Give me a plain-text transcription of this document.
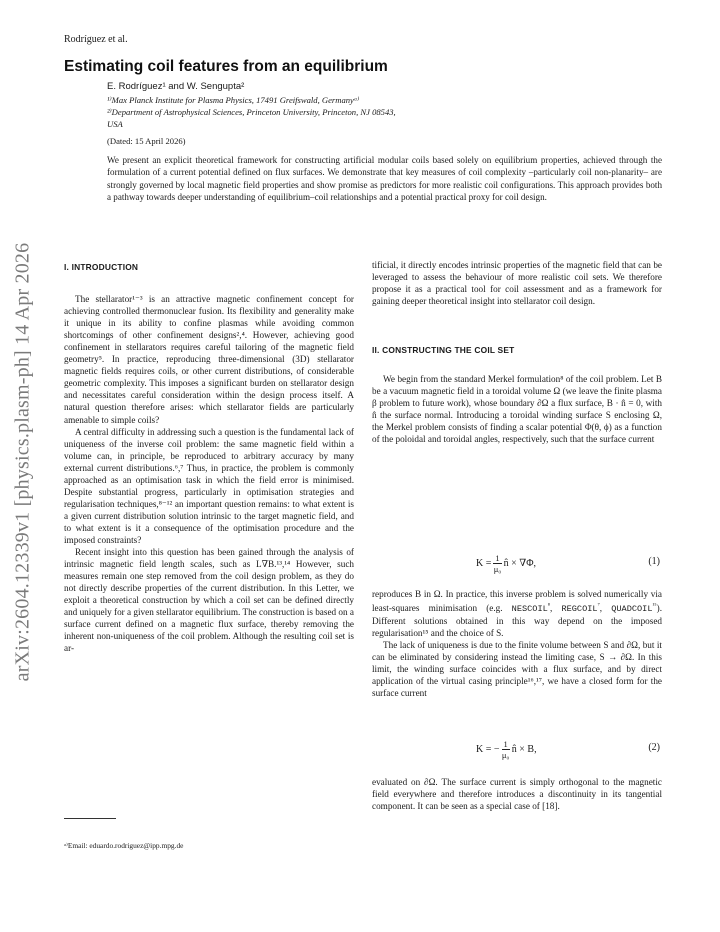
Rodríguez et al.
arXiv:2604.12339v1 [physics.plasm-ph] 14 Apr 2026
Estimating coil features from an equilibrium
E. Rodríguez¹ and W. Sengupta²
¹⁾Max Planck Institute for Plasma Physics, 17491 Greifswald, Germanyᵃ⁾
²⁾Department of Astrophysical Sciences, Princeton University, Princeton, NJ 08543,
USA
(Dated: 15 April 2026)
We present an explicit theoretical framework for constructing artificial modular coils based solely on equilibrium properties, achieved through the formulation of a current potential defined on flux surfaces. We demonstrate that key measures of coil complexity –particularly coil non-planarity– are strongly governed by local magnetic field properties and show promise as predictors for more realistic coil configurations. This approach provides both a pathway towards deeper understanding of equilibrium–coil relationships and a potential practical proxy for coil design.
I. INTRODUCTION

The stellarator¹⁻³ is an attractive magnetic confinement concept for achieving controlled thermonuclear fusion. Its flexibility and generality make it unique in its ability to confine plasmas while avoiding common shortcomings of other confinement designs²,⁴. However, achieving good confinement in stellarators requires careful tailoring of the magnetic field geometry⁵. In practice, reproducing three-dimensional (3D) stellarator magnetic fields requires coils, or other current distributions, of considerable geometric complexity. This imposes a significant burden on stellarator design and necessitates careful consideration within the design process itself. A natural question therefore arises: which stellarator fields are particularly amenable to simple coils?

A central difficulty in addressing such a question is the fundamental lack of uniqueness of the inverse coil problem: the same magnetic field within a volume can, in principle, be reproduced to arbitrary accuracy by many external current distributions.⁶,⁷ Thus, in practice, the problem is commonly approached as an optimisation task in which the field error is minimised. Despite substantial progress, particularly in optimisation strategies and regularisation techniques,⁸⁻¹² an important question remains: to what extent is a given current distribution solution intrinsic to the target magnetic field, and to what extent is it a consequence of the optimisation procedure and the imposed constraints?

Recent insight into this question has been gained through the analysis of intrinsic magnetic field length scales, such as L∇B.¹³,¹⁴ However, such measures remain one step removed from the coil design problem, as they do not directly describe properties of the current distribution. In this Letter, we exploit a theoretical construction by which a coil set can be defined directly and uniquely for a given stellarator equilibrium. The construction is based on a surface current defined on a magnetic flux surface, thereby removing the inherent non-uniqueness of the coil problem. Although the resulting coil set is ar-

tificial, it directly encodes intrinsic properties of the magnetic field that can be leveraged to assess the behaviour of more realistic coil sets. We therefore propose it as a practical tool for coil assessment and as a framework for gaining deeper theoretical insight into stellarator coil design.

II. CONSTRUCTING THE COIL SET

We begin from the standard Merkel formulation⁸ of the coil problem. Let B be a vacuum magnetic field in a toroidal volume Ω (we leave the finite plasma β problem to future work), whose boundary ∂Ω a flux surface, B · n̂ = 0, with n̂ the surface normal. Introducing a toroidal winding surface S enclosing Ω, the Merkel problem consists of finding a scalar potential Φ(θ, ϕ) as a function of the poloidal and toroidal angles, respectively, such that the surface current

$K = \frac{1}{\text{μ₀}}$ n̂ × ∇Φ,	(1)

reproduces B in Ω. In practice, this inverse problem is solved numerically via least-squares minimisation (e.g. $NESCOIL^{^8}$, $REGCOIL^{^7}$, $QUADCOIL^{^{15}}$). Different solutions obtained in this way depend on the imposed regularisation¹⁵ and the choice of S.

The lack of uniqueness is due to the finite volume between S and ∂Ω, but it can be eliminated by considering instead the limiting case, S → ∂Ω. In this limit, the winding surface coincides with a flux surface, and by direct application of the virtual casing principle¹⁶,¹⁷, we have a closed form for the surface current

K = − $\frac{1}{\text{μ₀}}$ n̂ × B,	(2)

evaluated on ∂Ω. The surface current is simply orthogonal to the magnetic field everywhere and therefore introduces a discontinuity in its tangential component. It can be seen as a special case of [18].

ᵃ⁾Email: eduardo.rodriguez@ipp.mpg.de
